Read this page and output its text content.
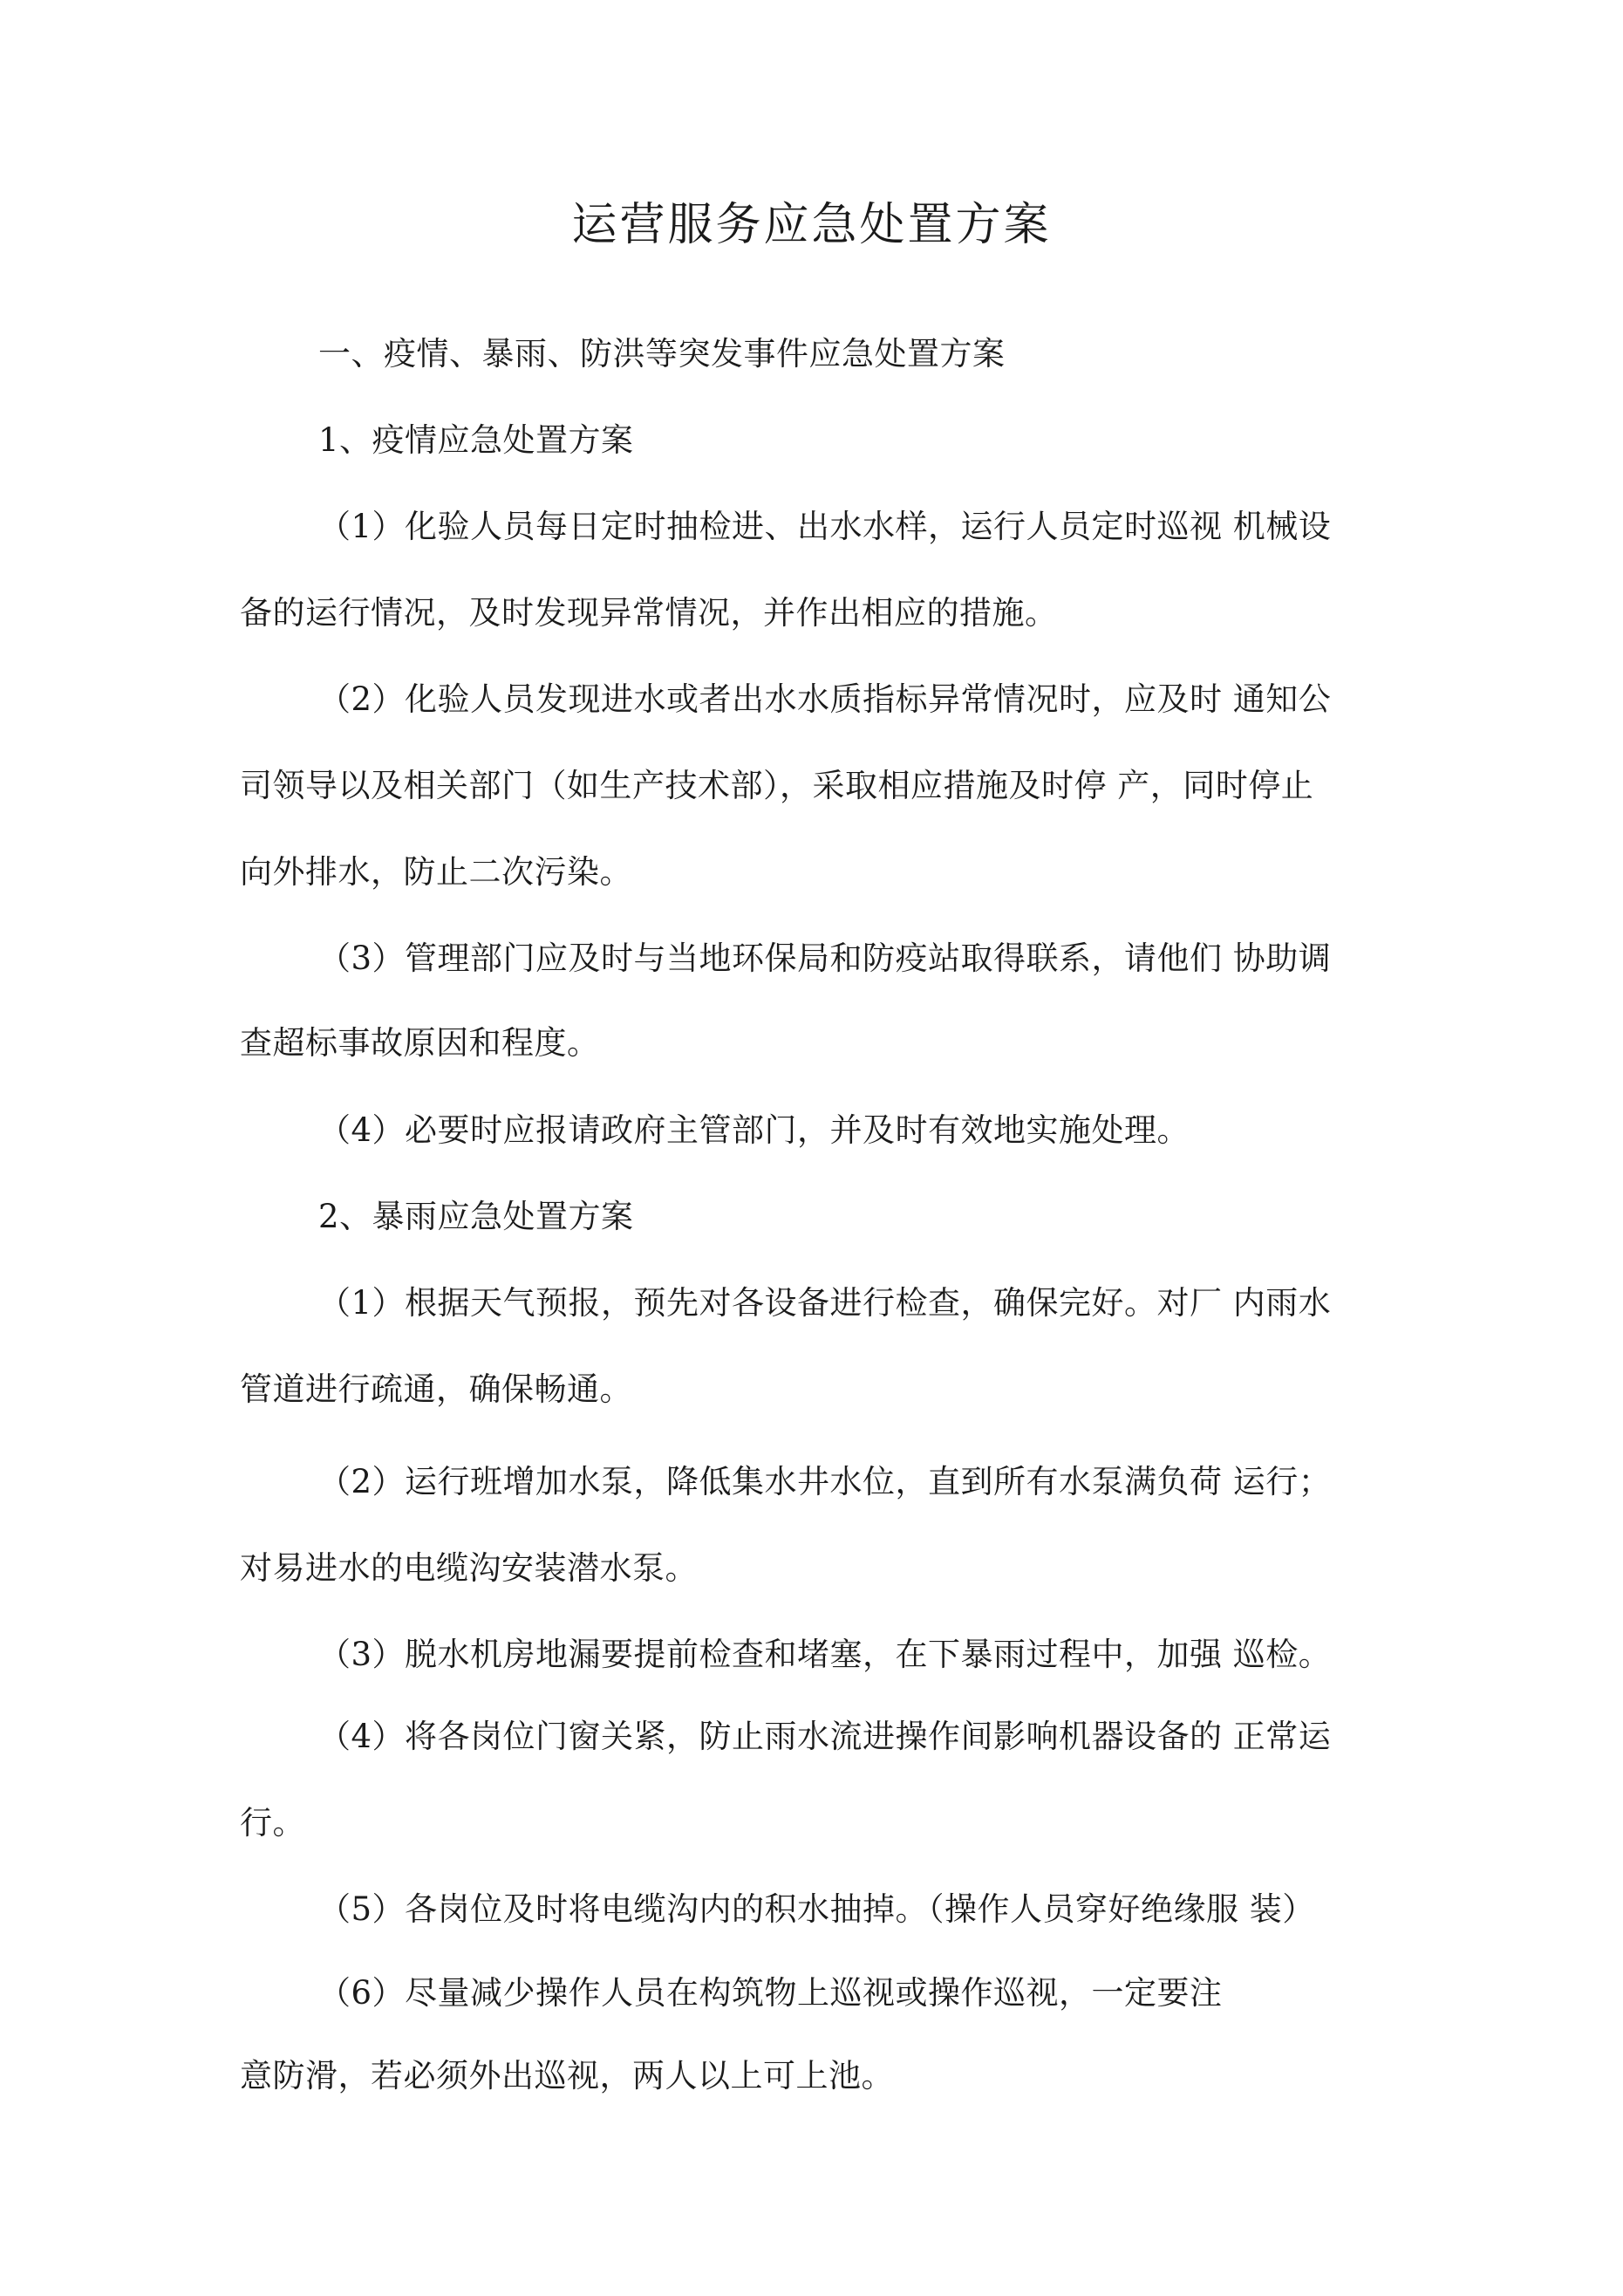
运营服务应急处置方案
一、疫情、暴雨、防洪等突发事件应急处置方案
1、疫情应急处置方案
（1）化验人员每日定时抽检进、出水水样，运行人员定时巡视 机械设
备的运行情况，及时发现异常情况，并作出相应的措施。
（2）化验人员发现进水或者出水水质指标异常情况时，应及时 通知公
司领导以及相关部门（如生产技术部），采取相应措施及时停 产，同时停止
向外排水，防止二次污染。
（3）管理部门应及时与当地环保局和防疫站取得联系，请他们 协助调
查超标事故原因和程度。
（4）必要时应报请政府主管部门，并及时有效地实施处理。
2、暴雨应急处置方案
（1）根据天气预报，预先对各设备进行检查，确保完好。对厂 内雨水
管道进行疏通，确保畅通。
（2）运行班增加水泵，降低集水井水位，直到所有水泵满负荷 运行；
对易进水的电缆沟安装潜水泵。
（3）脱水机房地漏要提前检查和堵塞，在下暴雨过程中，加强 巡检。
（4）将各岗位门窗关紧，防止雨水流进操作间影响机器设备的 正常运
行。
（5）各岗位及时将电缆沟内的积水抽掉。（操作人员穿好绝缘服 装）
（6）尽量减少操作人员在构筑物上巡视或操作巡视，一定要注
意防滑，若必须外出巡视，两人以上可上池。
